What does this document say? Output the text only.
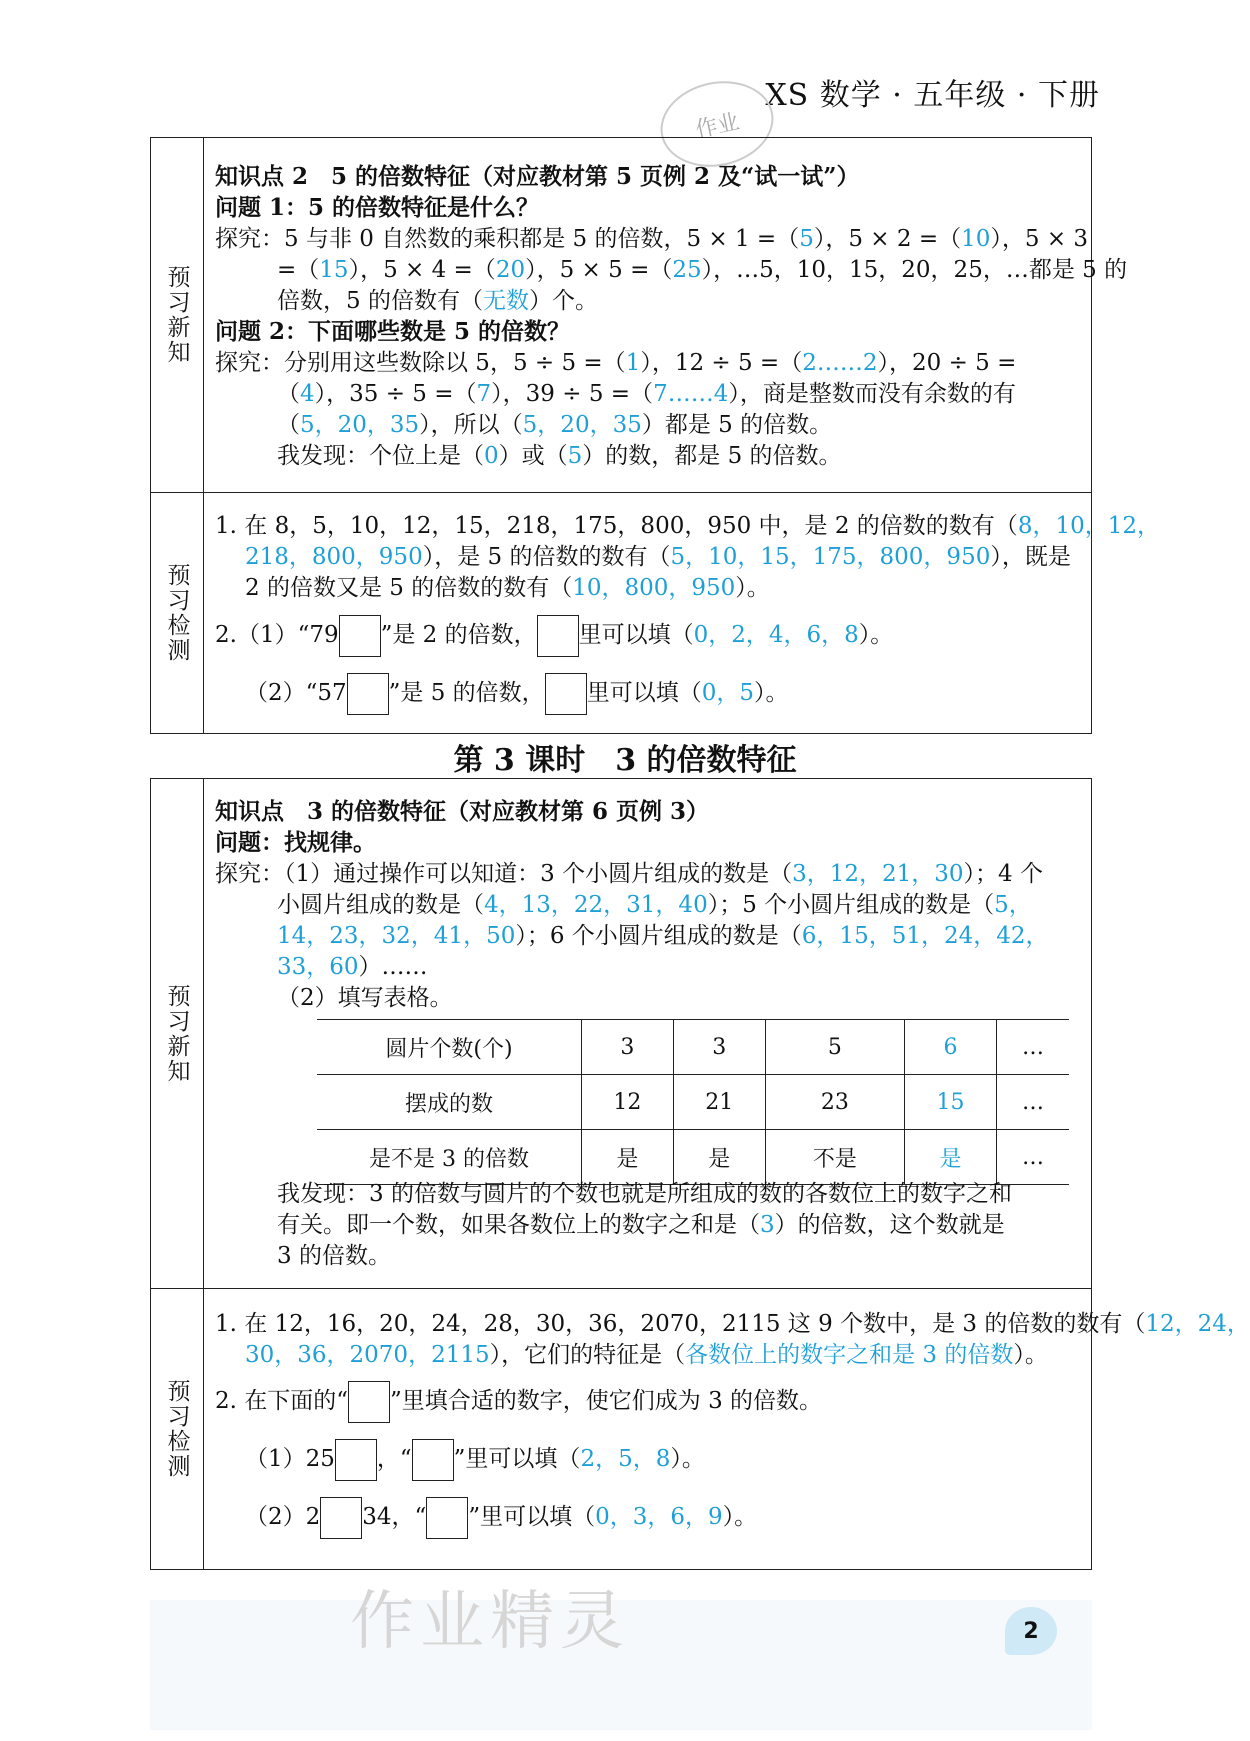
XS 数学 · 五年级 · 下册
作业
预习新知
知识点 2　5 的倍数特征（对应教材第 5 页例 2 及“试一试”）
问题 1：5 的倍数特征是什么？
探究：5 与非 0 自然数的乘积都是 5 的倍数，5 × 1 =（5），5 × 2 =（10），5 × 3
=（15），5 × 4 =（20），5 × 5 =（25），…5，10，15，20，25，…都是 5 的
倍数，5 的倍数有（无数）个。
问题 2：下面哪些数是 5 的倍数？
探究：分别用这些数除以 5，5 ÷ 5 =（1），12 ÷ 5 =（2……2），20 ÷ 5 =
（4），35 ÷ 5 =（7），39 ÷ 5 =（7……4），商是整数而没有余数的有
（5，20，35），所以（5，20，35）都是 5 的倍数。
我发现：个位上是（0）或（5）的数，都是 5 的倍数。
预习检测
1. 在 8，5，10，12，15，218，175，800，950 中，是 2 的倍数的数有（8，10，12，
218，800，950），是 5 的倍数的数有（5，10，15，175，800，950），既是
2 的倍数又是 5 的倍数的数有（10，800，950）。
2.（1）“79 ”是 2 的倍数， 里可以填（0，2，4，6，8）。
（2）“57 ”是 5 的倍数， 里可以填（0，5）。
第 3 课时　3 的倍数特征
预习新知
知识点　3 的倍数特征（对应教材第 6 页例 3）
问题：找规律。
探究：（1）通过操作可以知道：3 个小圆片组成的数是（3，12，21，30）；4 个
小圆片组成的数是（4，13，22，31，40）；5 个小圆片组成的数是（5，
14，23，32，41，50）；6 个小圆片组成的数是（6，15，51，24，42，
33，60）……
（2）填写表格。
圆片个数(个)	3	3	5	6	…
摆成的数	12	21	23	15	…
是不是 3 的倍数	是	是	不是	是	…
我发现：3 的倍数与圆片的个数也就是所组成的数的各数位上的数字之和
有关。即一个数，如果各数位上的数字之和是（3）的倍数，这个数就是
3 的倍数。
预习检测
1. 在 12，16，20，24，28，30，36，2070，2115 这 9 个数中，是 3 的倍数的数有（12，24，
30，36，2070，2115），它们的特征是（各数位上的数字之和是 3 的倍数）。
2. 在下面的“ ”里填合适的数字，使它们成为 3 的倍数。
（1）25 ，“ ”里可以填（2，5，8）。
（2）2 34，“ ”里可以填（0，3，6，9）。
作业精灵	2
